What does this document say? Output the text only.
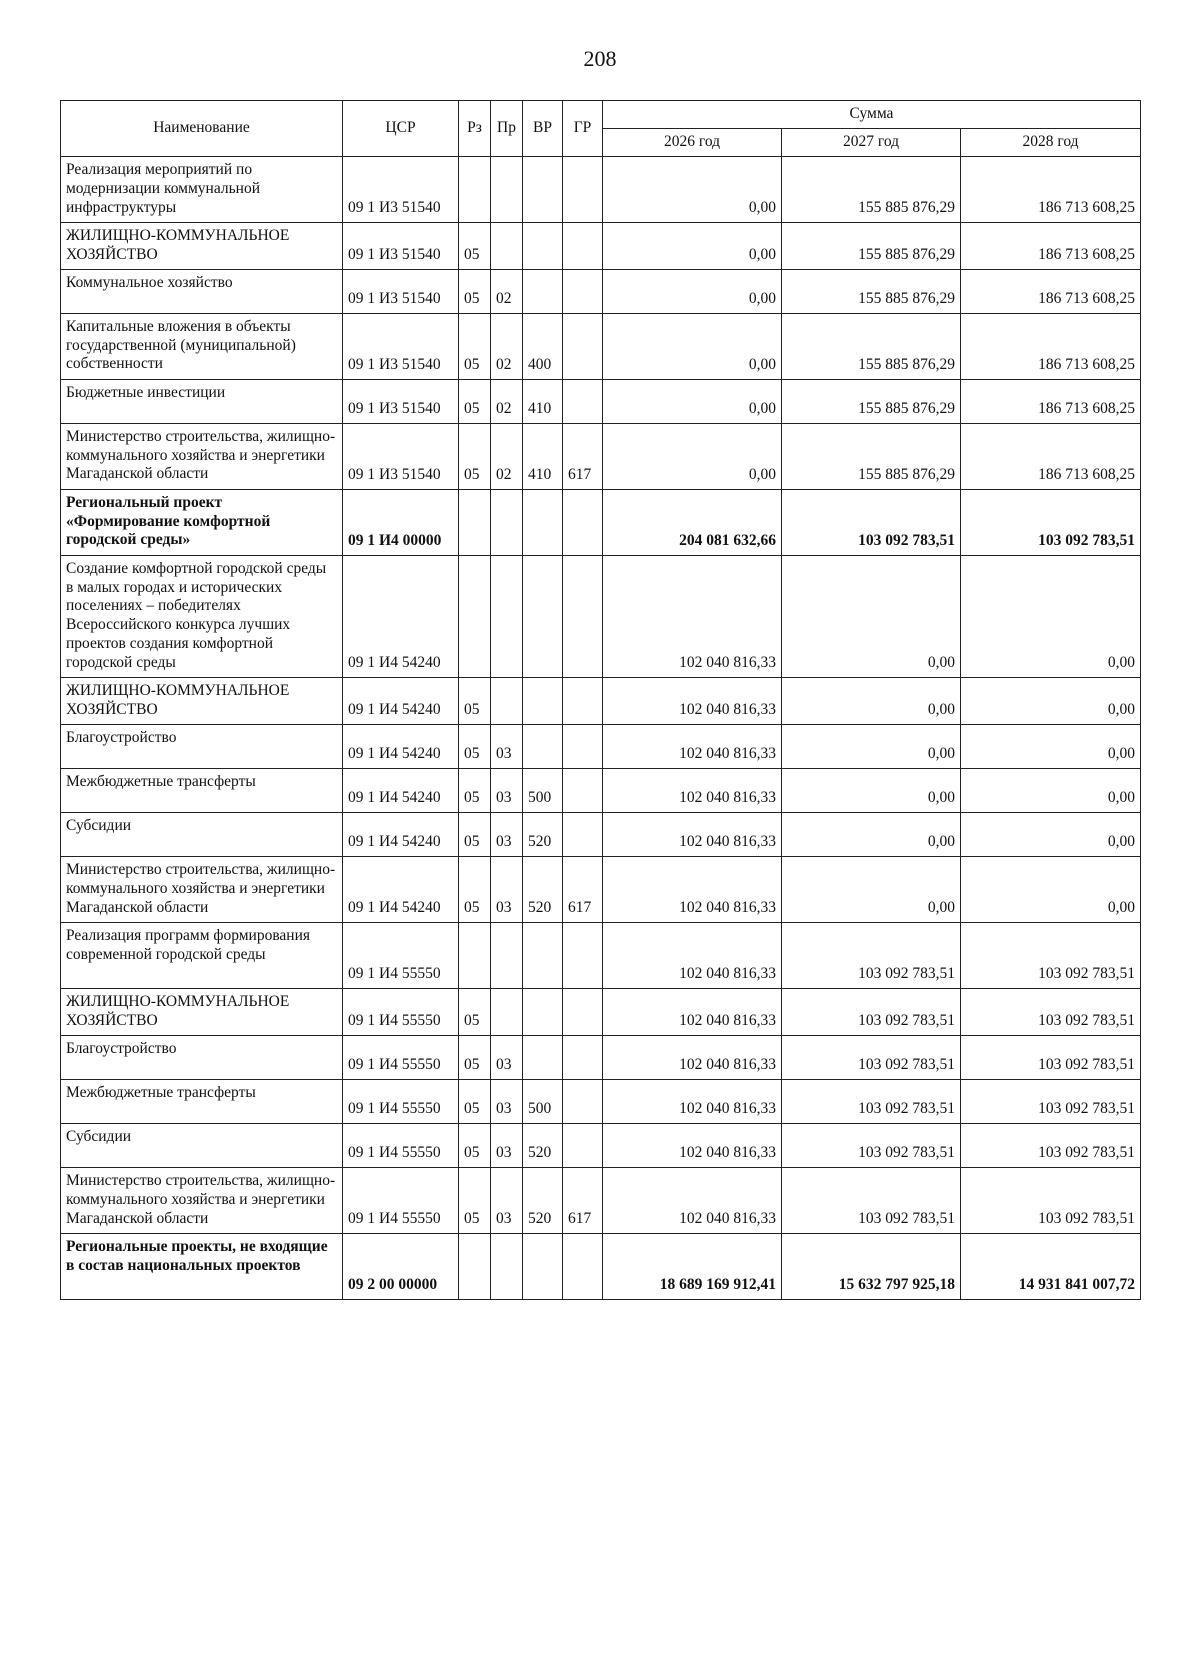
208
Наименование	ЦСР	Рз	Пр	ВР	ГР	Сумма		
						2026 год	2027 год	2028 год
Реализация мероприятий по модернизации коммунальной инфраструктуры	09 1 И3 51540					0,00	155 885 876,29	186 713 608,25
ЖИЛИЩНО-КОММУНАЛЬНОЕ ХОЗЯЙСТВО	09 1 И3 51540	05				0,00	155 885 876,29	186 713 608,25
Коммунальное хозяйство	09 1 И3 51540	05	02			0,00	155 885 876,29	186 713 608,25
Капитальные вложения в объекты государственной (муниципальной) собственности	09 1 И3 51540	05	02	400		0,00	155 885 876,29	186 713 608,25
Бюджетные инвестиции	09 1 И3 51540	05	02	410		0,00	155 885 876,29	186 713 608,25
Министерство строительства, жилищно-коммунального хозяйства и энергетики Магаданской области	09 1 И3 51540	05	02	410	617	0,00	155 885 876,29	186 713 608,25
Региональный проект «Формирование комфортной городской среды»	09 1 И4 00000					204 081 632,66	103 092 783,51	103 092 783,51
Создание комфортной городской среды в малых городах и исторических поселениях – победителях Всероссийского конкурса лучших проектов создания комфортной городской среды	09 1 И4 54240					102 040 816,33	0,00	0,00
ЖИЛИЩНО-КОММУНАЛЬНОЕ ХОЗЯЙСТВО	09 1 И4 54240	05				102 040 816,33	0,00	0,00
Благоустройство	09 1 И4 54240	05	03			102 040 816,33	0,00	0,00
Межбюджетные трансферты	09 1 И4 54240	05	03	500		102 040 816,33	0,00	0,00
Субсидии	09 1 И4 54240	05	03	520		102 040 816,33	0,00	0,00
Министерство строительства, жилищно-коммунального хозяйства и энергетики Магаданской области	09 1 И4 54240	05	03	520	617	102 040 816,33	0,00	0,00
Реализация программ формирования современной городской среды	09 1 И4 55550					102 040 816,33	103 092 783,51	103 092 783,51
ЖИЛИЩНО-КОММУНАЛЬНОЕ ХОЗЯЙСТВО	09 1 И4 55550	05				102 040 816,33	103 092 783,51	103 092 783,51
Благоустройство	09 1 И4 55550	05	03			102 040 816,33	103 092 783,51	103 092 783,51
Межбюджетные трансферты	09 1 И4 55550	05	03	500		102 040 816,33	103 092 783,51	103 092 783,51
Субсидии	09 1 И4 55550	05	03	520		102 040 816,33	103 092 783,51	103 092 783,51
Министерство строительства, жилищно-коммунального хозяйства и энергетики Магаданской области	09 1 И4 55550	05	03	520	617	102 040 816,33	103 092 783,51	103 092 783,51
Региональные проекты, не входящие в состав национальных проектов	09 2 00 00000					18 689 169 912,41	15 632 797 925,18	14 931 841 007,72
